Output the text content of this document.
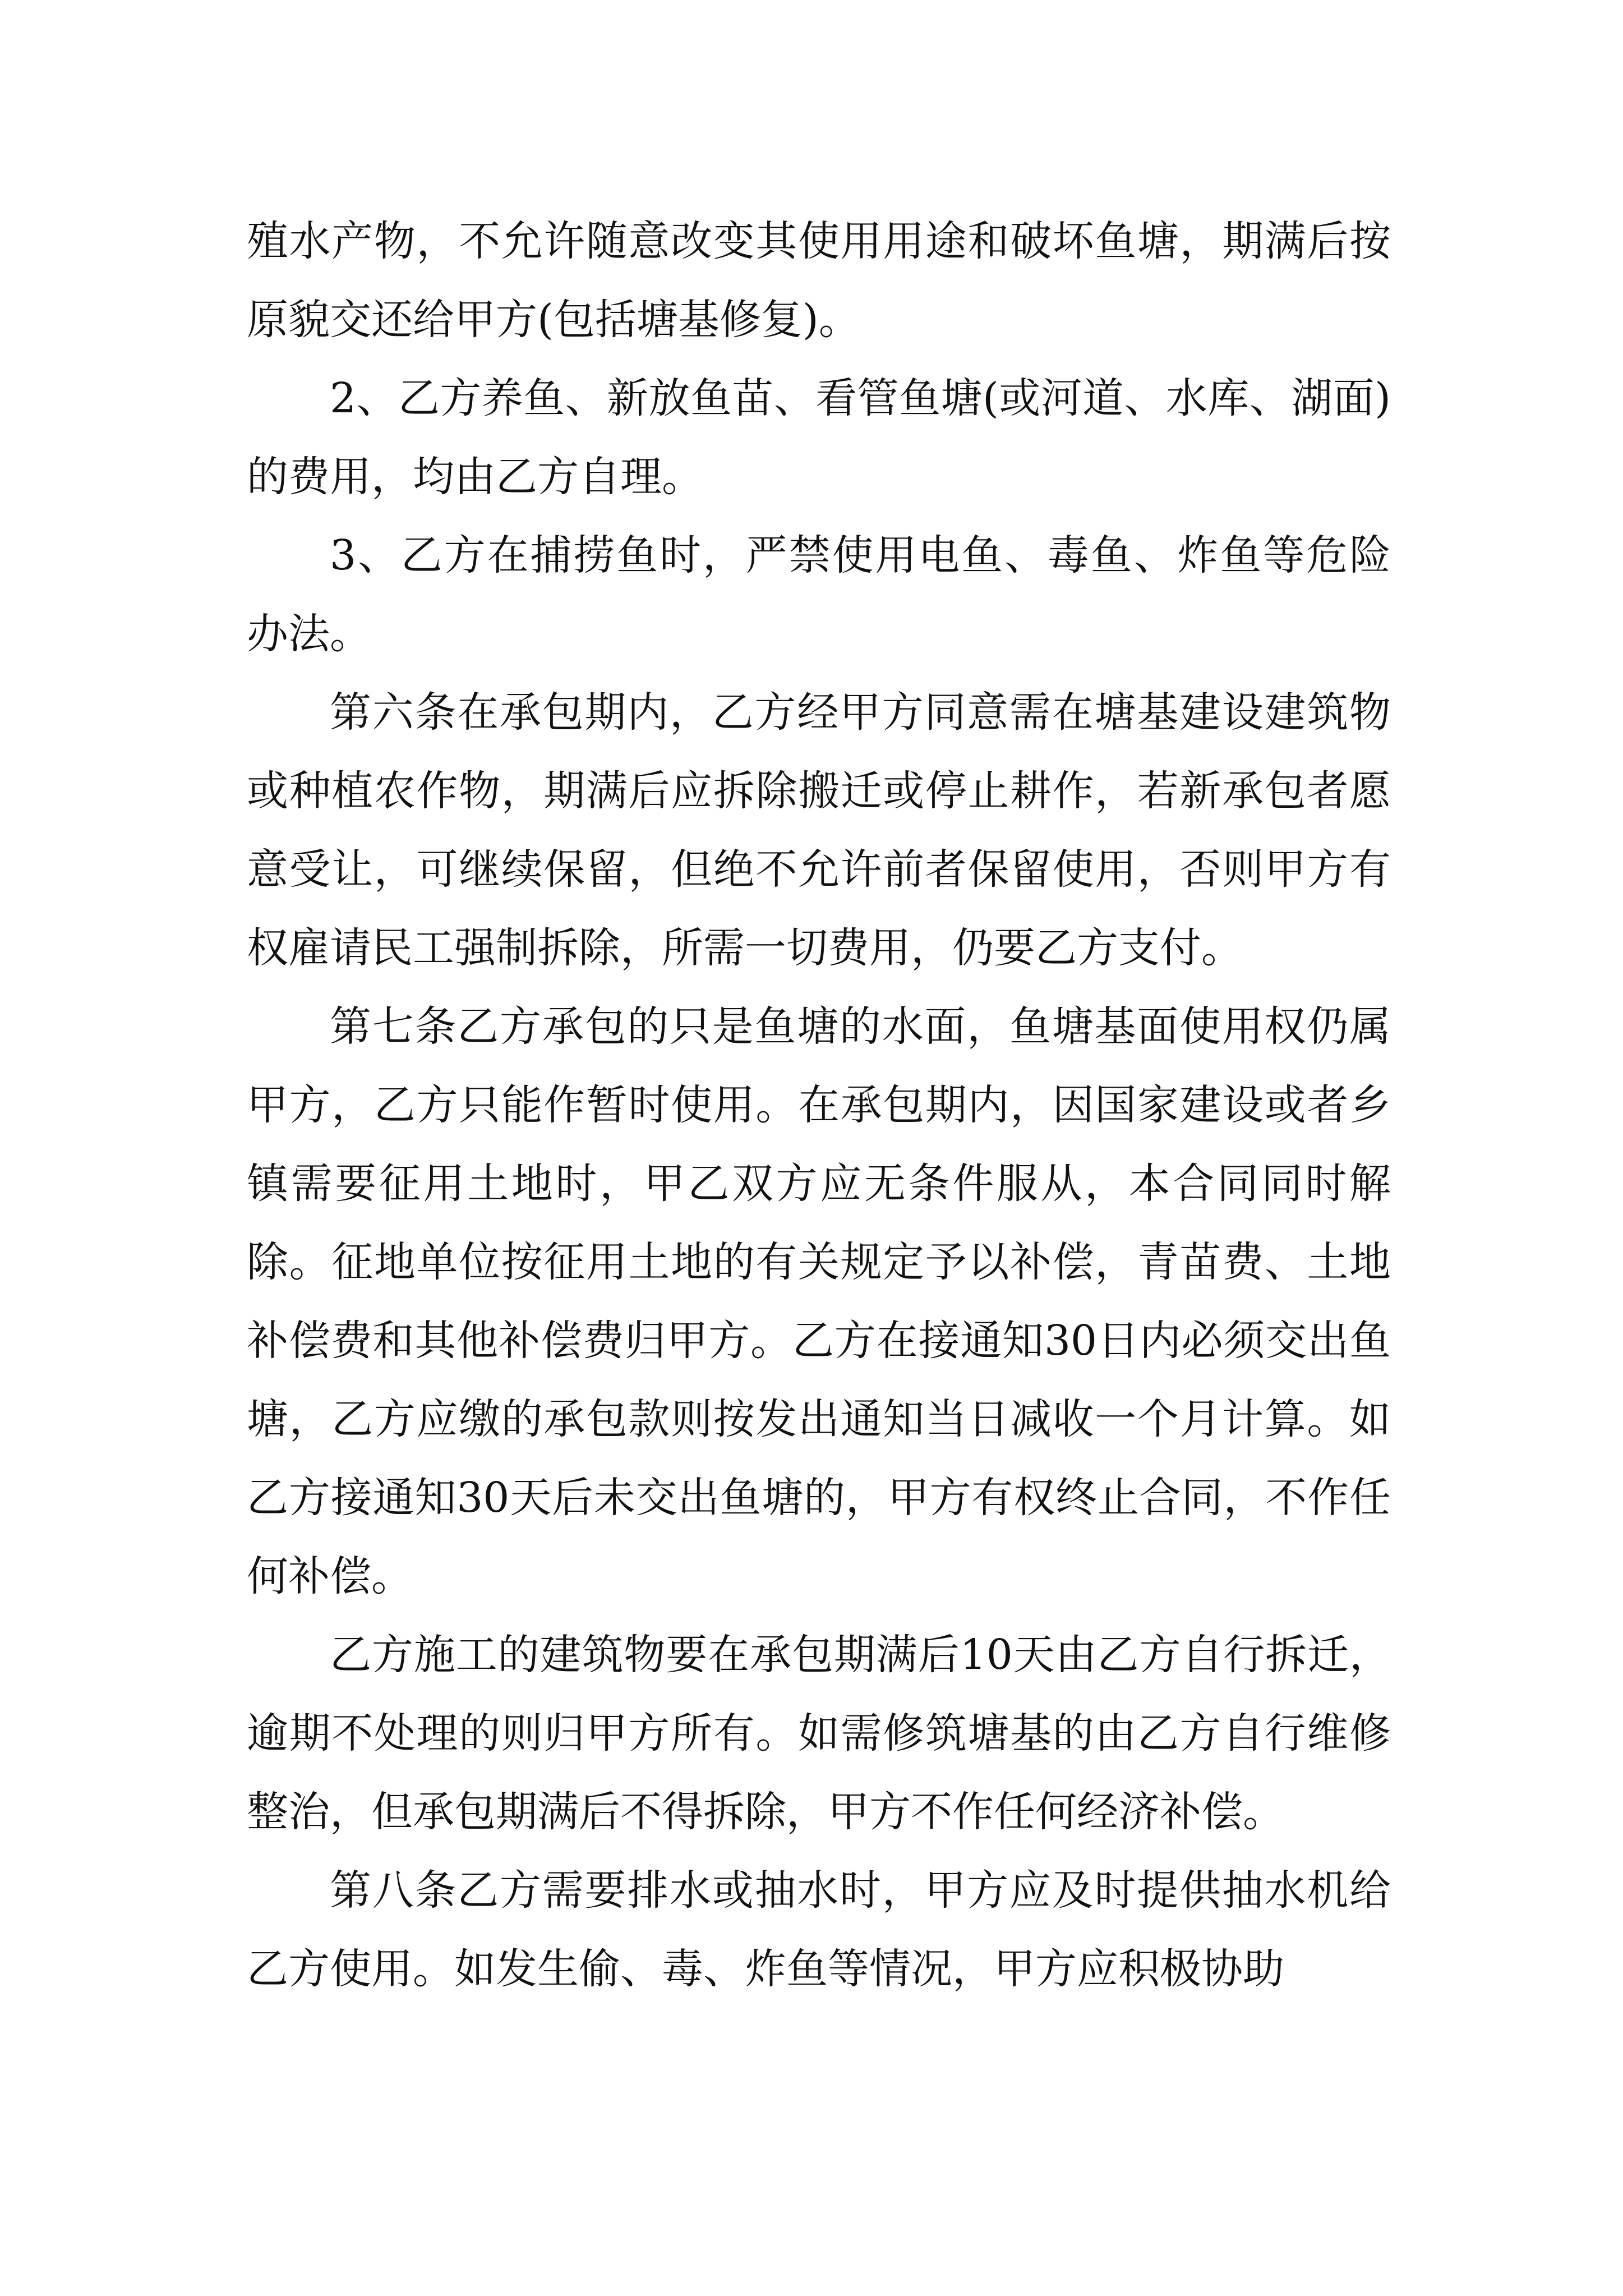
殖水产物，不允许随意改变其使用用途和破坏鱼塘，期满后按原貌交还给甲方(包括塘基修复)。

2、乙方养鱼、新放鱼苗、看管鱼塘(或河道、水库、湖面)的费用，均由乙方自理。

3、乙方在捕捞鱼时，严禁使用电鱼、毒鱼、炸鱼等危险办法。

第六条在承包期内，乙方经甲方同意需在塘基建设建筑物或种植农作物，期满后应拆除搬迁或停止耕作，若新承包者愿意受让，可继续保留，但绝不允许前者保留使用，否则甲方有权雇请民工强制拆除，所需一切费用，仍要乙方支付。

第七条乙方承包的只是鱼塘的水面，鱼塘基面使用权仍属甲方，乙方只能作暂时使用。在承包期内，因国家建设或者乡镇需要征用土地时，甲乙双方应无条件服从，本合同同时解除。征地单位按征用土地的有关规定予以补偿，青苗费、土地补偿费和其他补偿费归甲方。乙方在接通知30日内必须交出鱼塘，乙方应缴的承包款则按发出通知当日减收一个月计算。如乙方接通知30天后未交出鱼塘的，甲方有权终止合同，不作任何补偿。

乙方施工的建筑物要在承包期满后10天由乙方自行拆迁，逾期不处理的则归甲方所有。如需修筑塘基的由乙方自行维修整治，但承包期满后不得拆除，甲方不作任何经济补偿。

第八条乙方需要排水或抽水时，甲方应及时提供抽水机给乙方使用。如发生偷、毒、炸鱼等情况，甲方应积极协助
